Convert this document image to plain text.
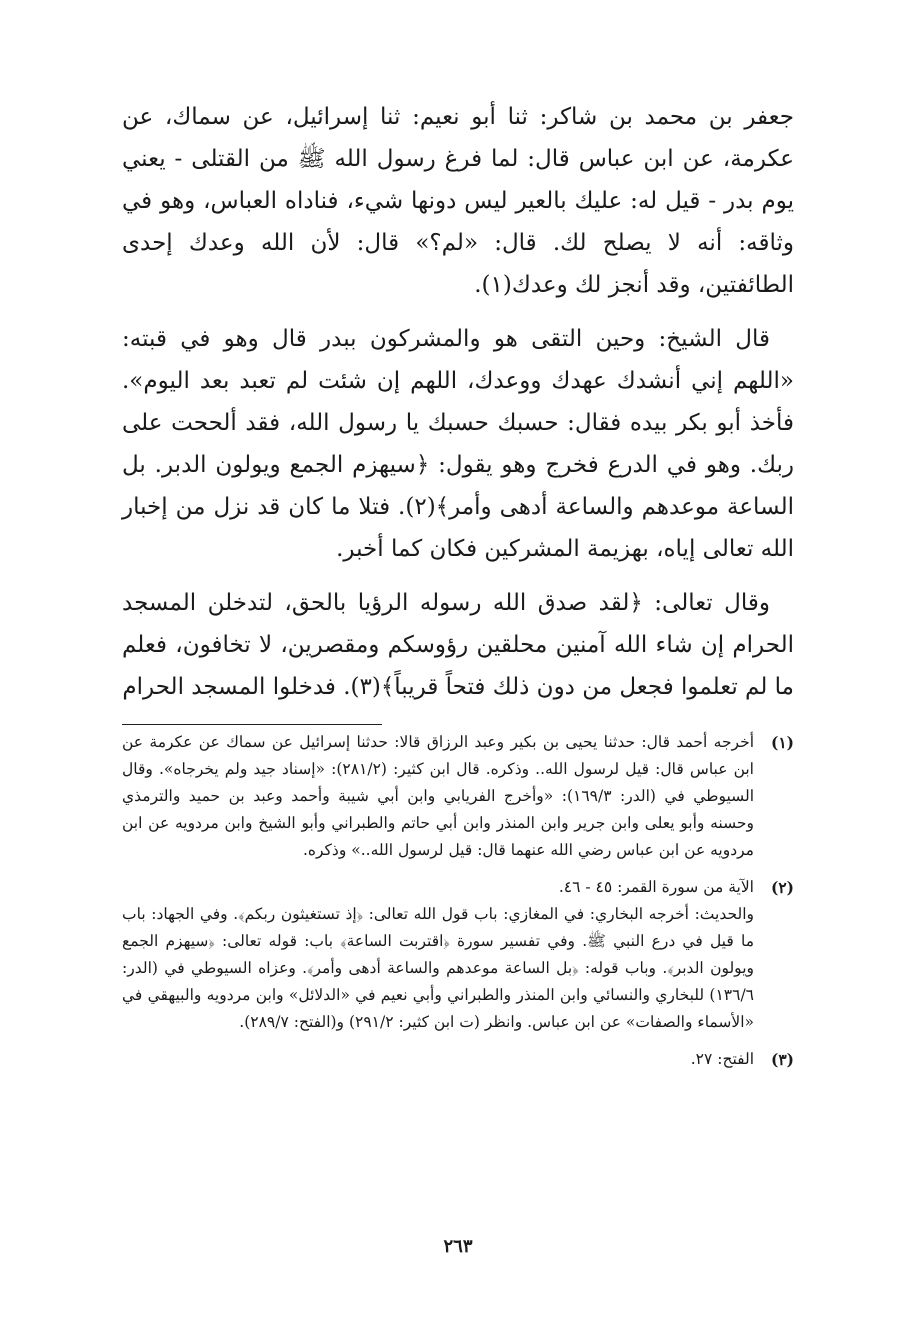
جعفر بن محمد بن شاكر: ثنا أبو نعيم: ثنا إسرائيل، عن سماك، عن عكرمة، عن ابن عباس قال: لما فرغ رسول الله ﷺ من القتلى - يعني يوم بدر - قيل له: عليك بالعير ليس دونها شيء، فناداه العباس، وهو في وثاقه: أنه لا يصلح لك. قال: «لم؟» قال: لأن الله وعدك إحدى الطائفتين، وقد أنجز لك وعدك(١).

قال الشيخ: وحين التقى هو والمشركون ببدر قال وهو في قبته: «اللهم إني أنشدك عهدك ووعدك، اللهم إن شئت لم تعبد بعد اليوم». فأخذ أبو بكر بيده فقال: حسبك حسبك يا رسول الله، فقد ألححت على ربك. وهو في الدرع فخرج وهو يقول: ﴿سيهزم الجمع ويولون الدبر. بل الساعة موعدهم والساعة أدهى وأمر﴾(٢). فتلا ما كان قد نزل من إخبار الله تعالى إياه، بهزيمة المشركين فكان كما أخبر.

وقال تعالى: ﴿لقد صدق الله رسوله الرؤيا بالحق، لتدخلن المسجد الحرام إن شاء الله آمنين محلقين رؤوسكم ومقصرين، لا تخافون، فعلم ما لم تعلموا فجعل من دون ذلك فتحاً قريباً﴾(٣). فدخلوا المسجد الحرام

(١)
أخرجه أحمد قال: حدثنا يحيى بن بكير وعبد الرزاق قالا: حدثنا إسرائيل عن سماك عن عكرمة عن ابن عباس قال: قيل لرسول الله.. وذكره. قال ابن كثير: (٢٨١/٢): «إسناد جيد ولم يخرجاه». وقال السيوطي في (الدر: ١٦٩/٣): «وأخرج الفريابي وابن أبي شيبة وأحمد وعبد بن حميد والترمذي وحسنه وأبو يعلى وابن جرير وابن المنذر وابن أبي حاتم والطبراني وأبو الشيخ وابن مردويه عن ابن مردويه عن ابن عباس رضي الله عنهما قال: قيل لرسول الله..» وذكره.
(٢)
الآية من سورة القمر: ٤٥ - ٤٦.
والحديث: أخرجه البخاري: في المغازي: باب قول الله تعالى: ﴿إذ تستغيثون ربكم﴾. وفي الجهاد: باب ما قيل في درع النبي ﷺ. وفي تفسير سورة ﴿اقتربت الساعة﴾ باب: قوله تعالى: ﴿سيهزم الجمع ويولون الدبر﴾. وباب قوله: ﴿بل الساعة موعدهم والساعة أدهى وأمر﴾. وعزاه السيوطي في (الدر: ١٣٦/٦) للبخاري والنسائي وابن المنذر والطبراني وأبي نعيم في «الدلائل» وابن مردويه والبيهقي في «الأسماء والصفات» عن ابن عباس. وانظر (ت ابن كثير: ٢٩١/٢) و(الفتح: ٢٨٩/٧).
(٣)
الفتح: ٢٧.
٢٦٣
